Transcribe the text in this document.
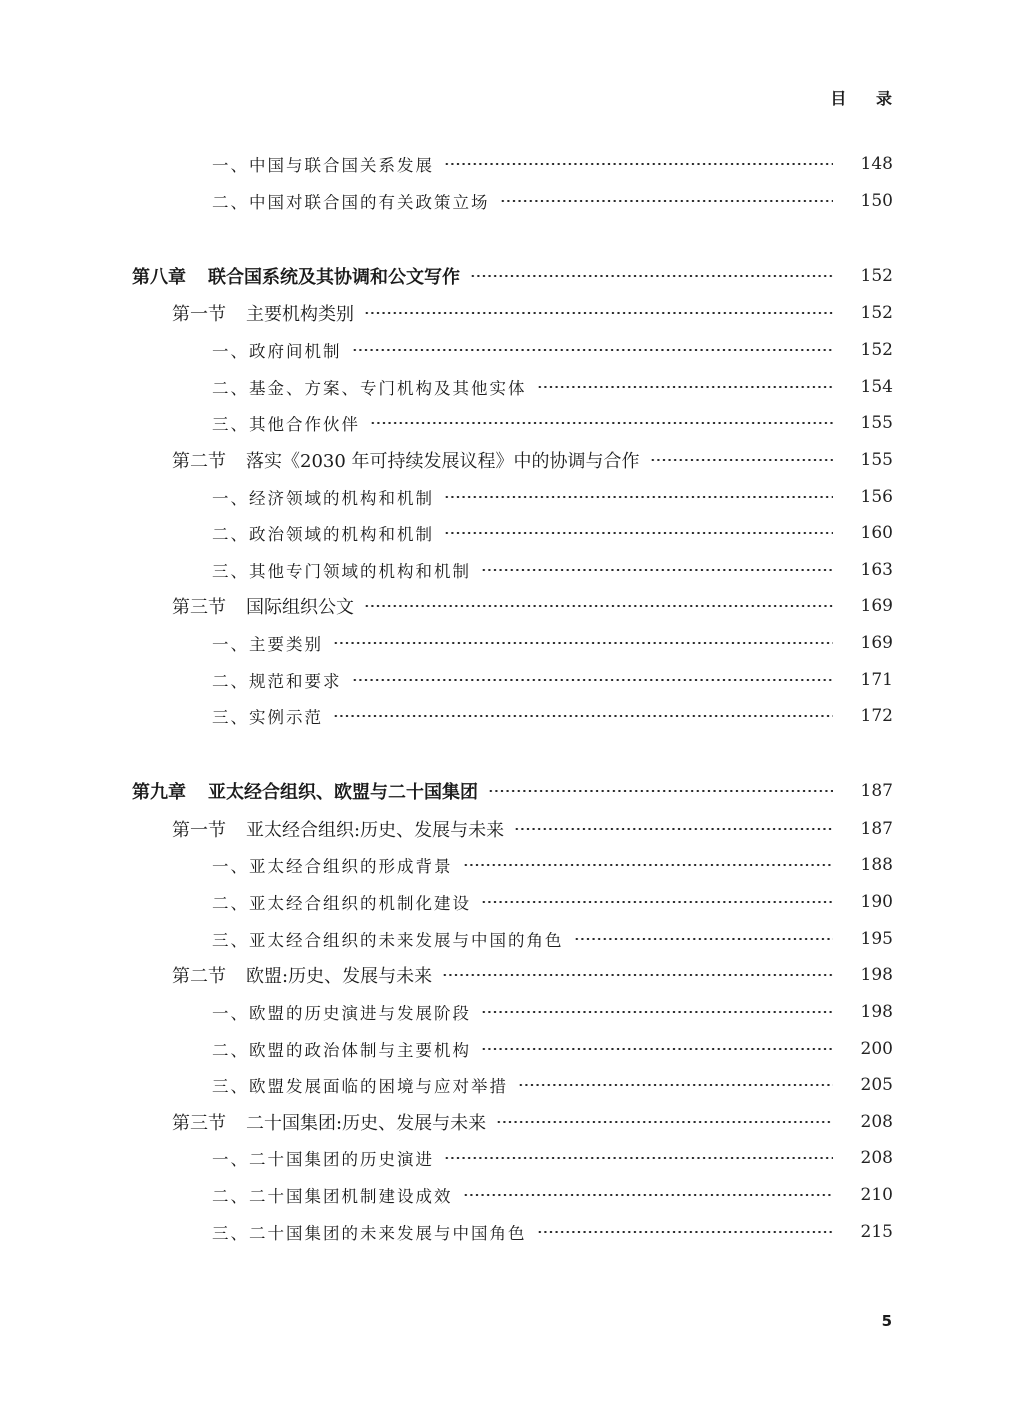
目 录
一、中国与联合国关系发展	148
二、中国对联合国的有关政策立场	150
第八章 联合国系统及其协调和公文写作	152
第一节 主要机构类别	152
一、政府间机制	152
二、基金、方案、专门机构及其他实体	154
三、其他合作伙伴	155
第二节 落实《2030 年可持续发展议程》中的协调与合作	155
一、经济领域的机构和机制	156
二、政治领域的机构和机制	160
三、其他专门领域的机构和机制	163
第三节 国际组织公文	169
一、主要类别	169
二、规范和要求	171
三、实例示范	172
第九章 亚太经合组织、欧盟与二十国集团	187
第一节 亚太经合组织:历史、发展与未来	187
一、亚太经合组织的形成背景	188
二、亚太经合组织的机制化建设	190
三、亚太经合组织的未来发展与中国的角色	195
第二节 欧盟:历史、发展与未来	198
一、欧盟的历史演进与发展阶段	198
二、欧盟的政治体制与主要机构	200
三、欧盟发展面临的困境与应对举措	205
第三节 二十国集团:历史、发展与未来	208
一、二十国集团的历史演进	208
二、二十国集团机制建设成效	210
三、二十国集团的未来发展与中国角色	215
5
